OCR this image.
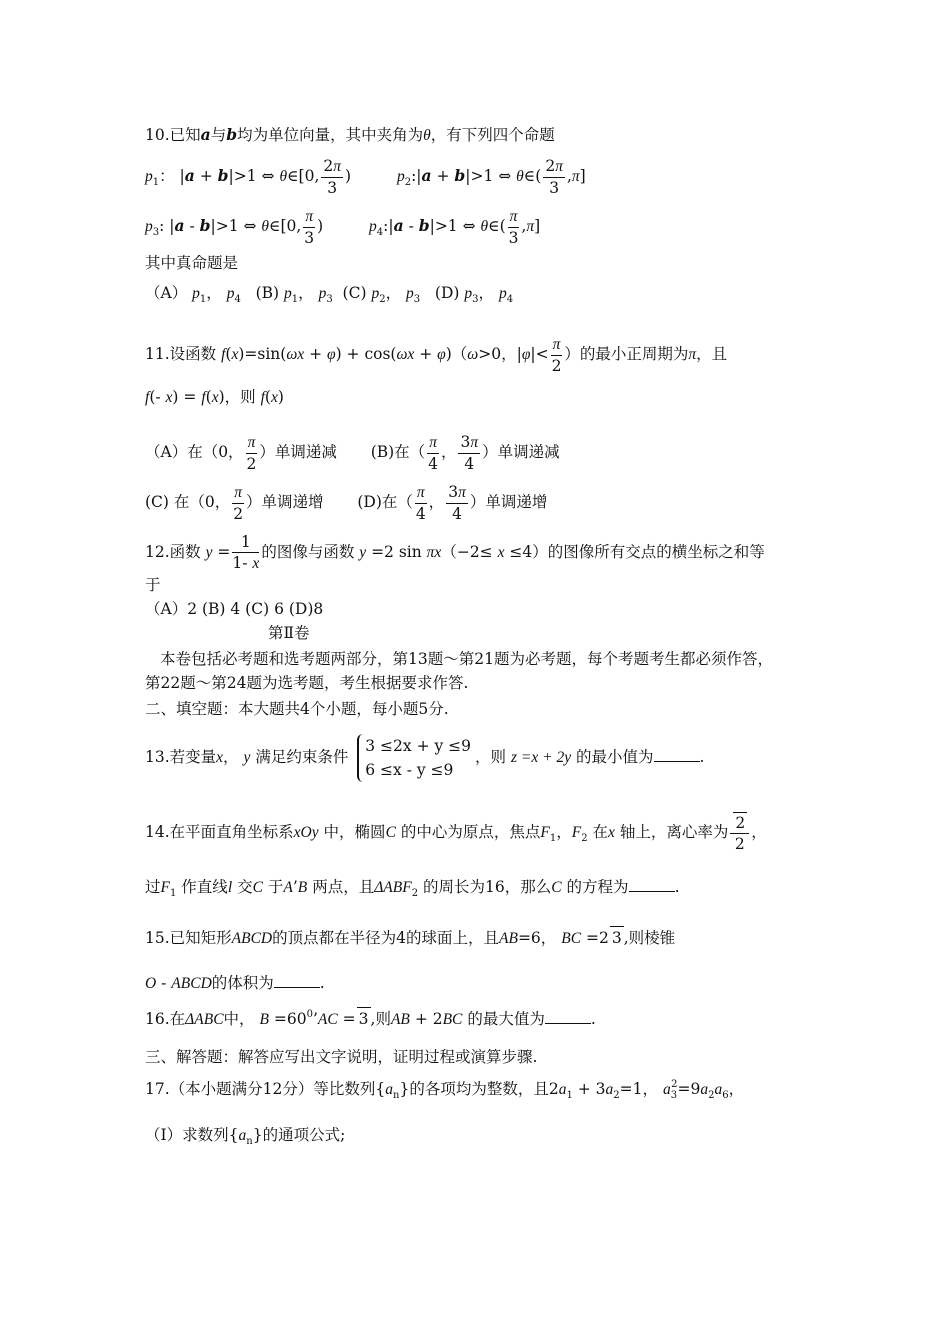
10.已知a与b均为单位向量，其中夹角为θ，有下列四个命题
$p_1$： |a + b|>1 ⇔ θ∈[0, $\frac{2\pi}{3}$ )	$p_2:|a + b|>1$ ⇔ θ∈( $\frac{2\pi}{3} ,\pi$]
$p_3$: |a - b|>1 ⇔ θ∈[0, $\frac{\pi}{3}$ )	$p_4:|a - b|>1$ ⇔ θ∈( $\frac{\pi}{3} ,\pi$]
其中真命题是
（A） $p_1$， $p_4$   (B) $p_1$， $p_3$  (C) $p_2$， $p_3$   (D) $p_3$， $p_4$
11.设函数 f(x)=sin(ωx + φ) + cos(ωx + φ)（ω>0，$|\varphi|< \frac{\pi}{2}$ ）的最小正周期为π，且
f(- x) = f(x)，则 f(x)
（A）在（0， $\frac{\pi}{2}$ ）单调递减  (B)在（ $\frac{\pi}{4}$ ， $\frac{3\pi}{4}$ ）单调递减
(C) 在（0， $\frac{\pi}{2}$ ）单调递增  (D)在（ $\frac{\pi}{4}$ ， $\frac{3\pi}{4}$ ）单调递增
12.函数 $y = \frac{1}{1- x}$ 的图像与函数 y =2 sin πx（−2≤ x ≤4）的图像所有交点的横坐标之和等
于
（A）2 (B) 4 (C) 6 (D)8
第Ⅱ卷
本卷包括必考题和选考题两部分，第13题～第21题为必考题，每个考题考生都必须作答，
第22题～第24题为选考题，考生根据要求作答.
二、填空题：本大题共4个小题，每小题5分.
13.若变量x， y 满足约束条件
3 ≤2x + y ≤9
6 ≤x - y ≤9
，则 z =x + 2y 的最小值为	.
14.在平面直角坐标系xOy 中，椭圆C 的中心为原点，焦点$F_1$，$F_2$ 在x 轴上，离心率为 $\frac{2}{2}$ ，
过$F_1$ 作直线l 交C 于A’B 两点，且$\Delta ABF_2$ 的周长为16，那么C 的方程为	.
15.已知矩形ABCD的顶点都在半径为4的球面上，且AB=6， BC =2 3 ,则棱锥
O - ABCD的体积为	.
16.在ΔABC中， $B =60^0’AC = 3$ ,则AB + 2BC 的最大值为	.
三、解答题：解答应写出文字说明，证明过程或演算步骤.
17.（本小题满分12分）等比数列$\{a_n\}$的各项均为整数，且$2a_1 + 3a_2=1$， $a_3^2=9a_2a_6$，
（Ⅰ）求数列$\{a_n\}$的通项公式;
